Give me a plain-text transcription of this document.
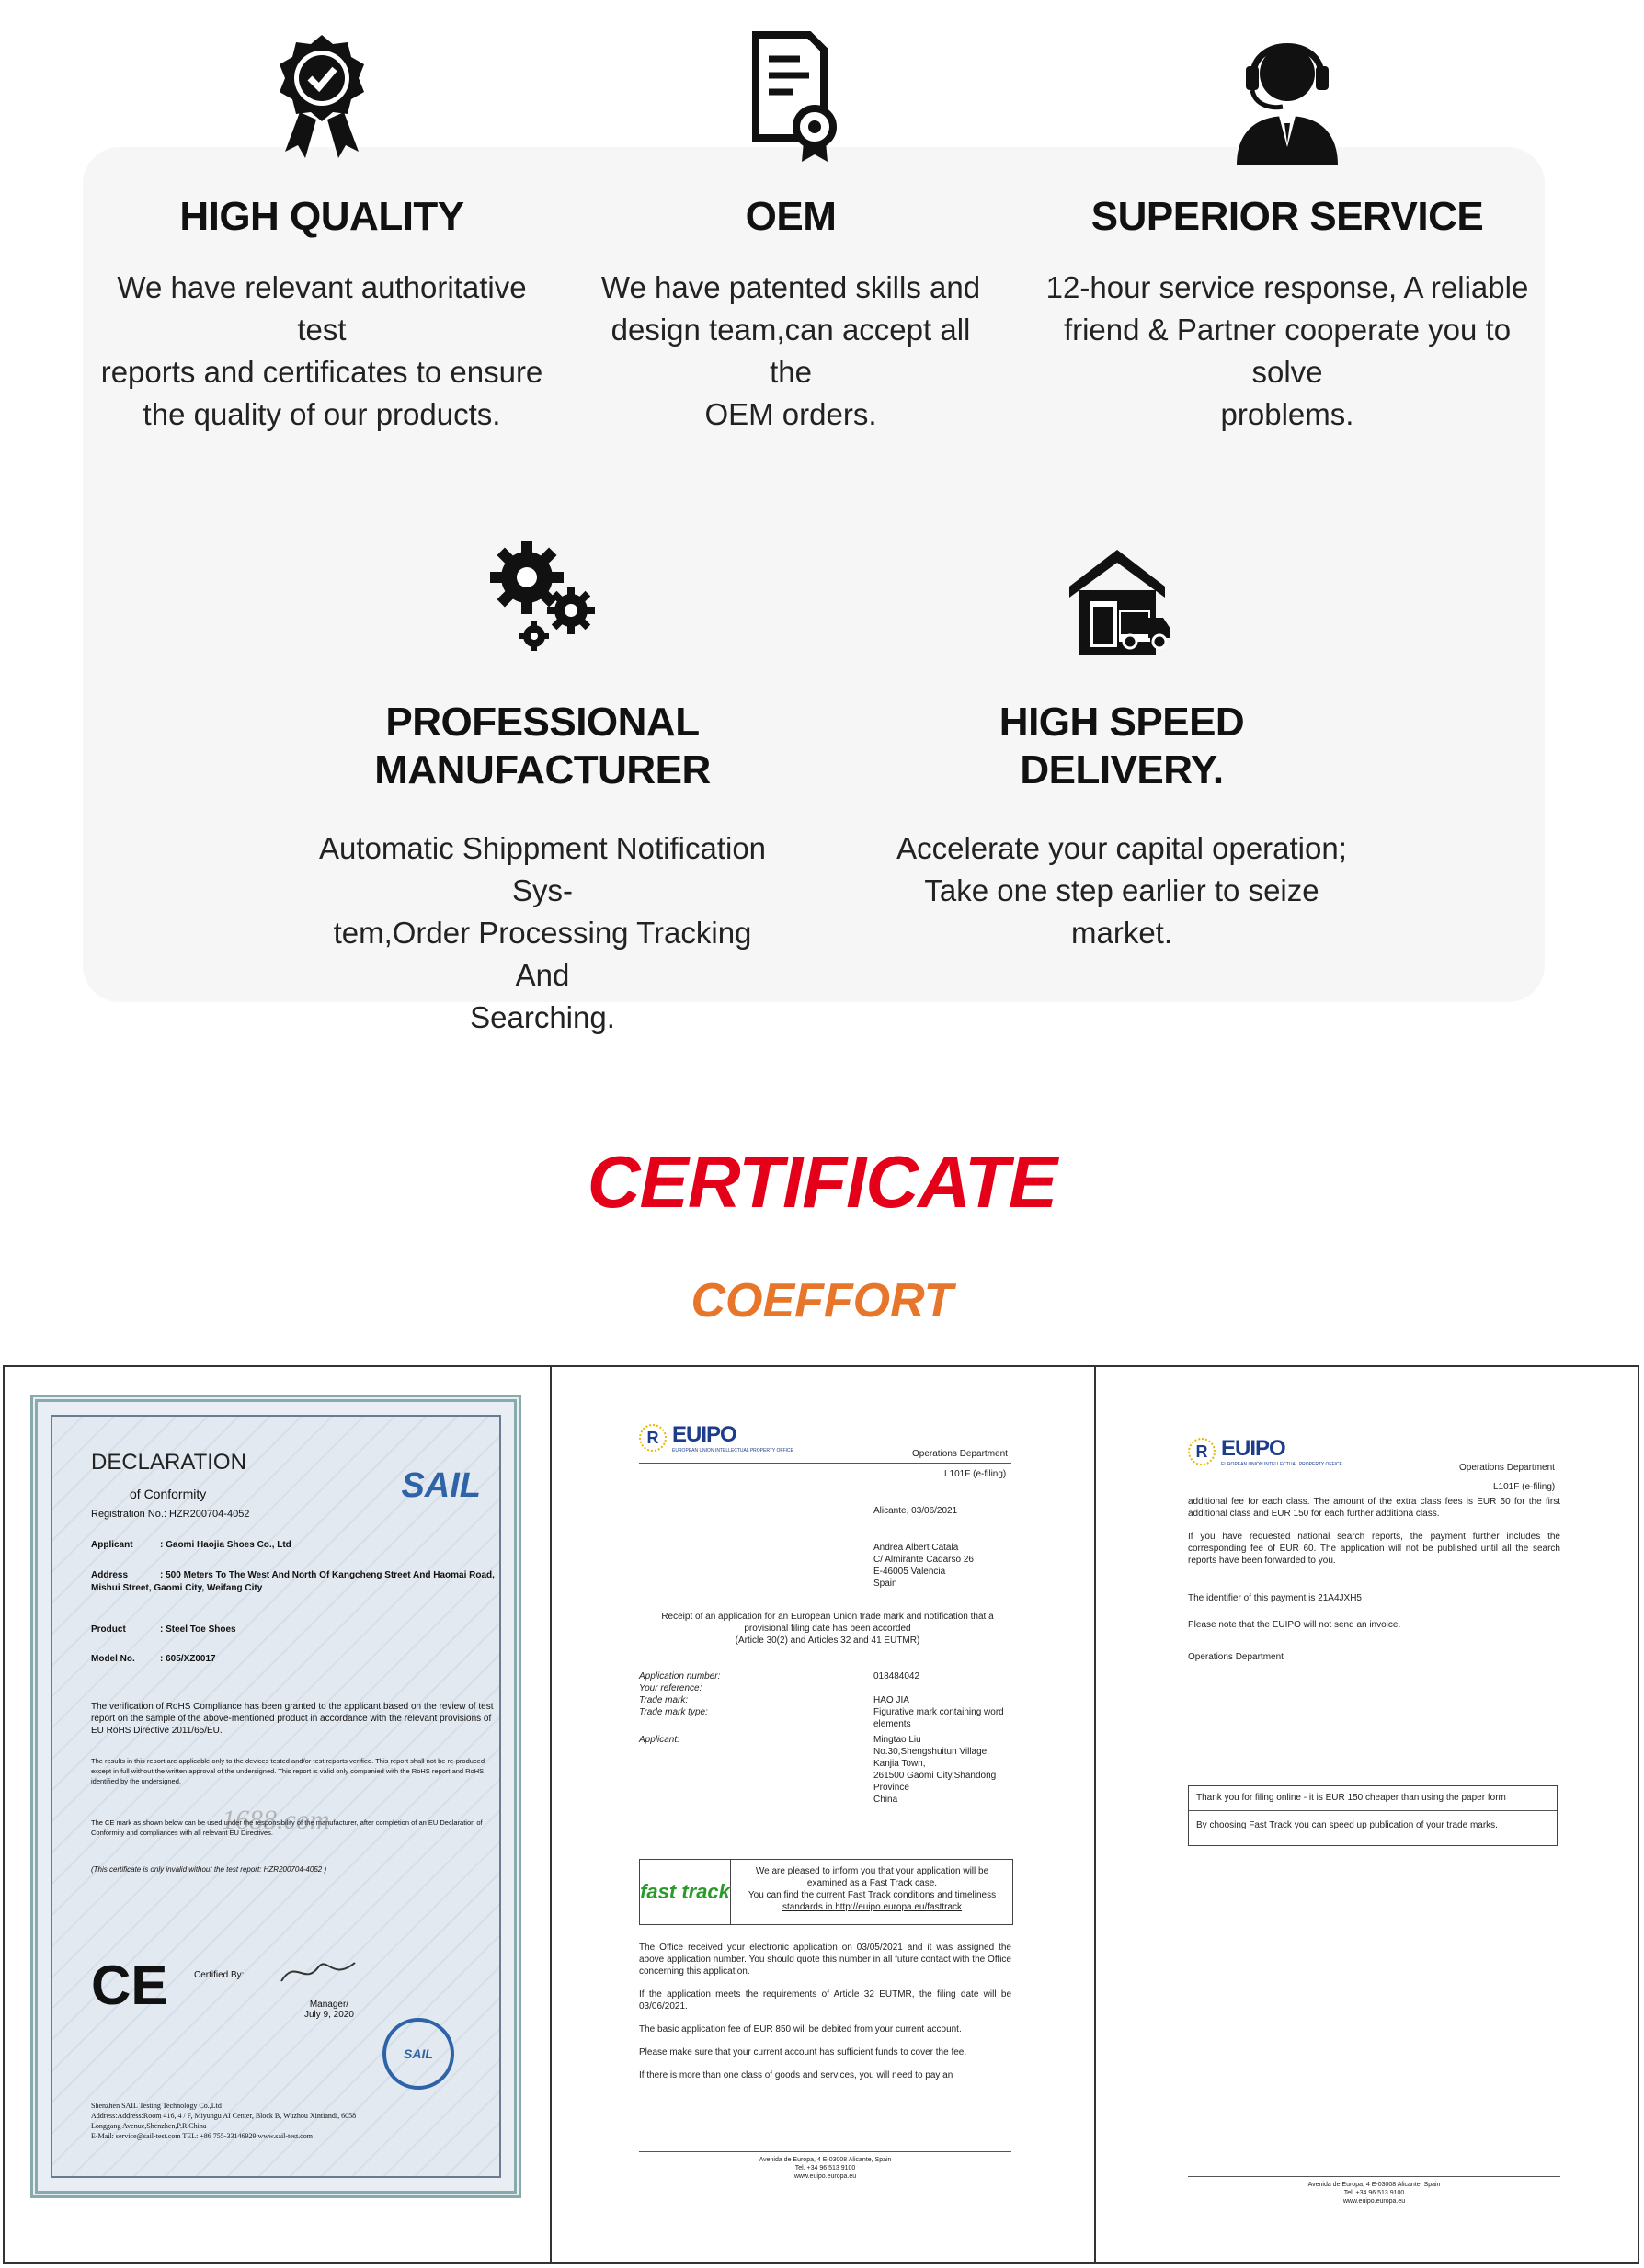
HIGH QUALITY

We have relevant authoritative test

reports and certificates to ensure

the quality of our products.

OEM

We have patented skills and

design team,can accept all the

OEM orders.

SUPERIOR SERVICE

12-hour service response, A reliable

friend & Partner cooperate you to solve

problems.

PROFESSIONAL
MANUFACTURER

Automatic Shippment Notification Sys-

tem,Order Processing Tracking And

Searching.

HIGH SPEED
DELIVERY.

Accelerate your capital operation;

Take one step earlier to seize

market.

CERTIFICATE
COEFFORT
DECLARATION
of Conformity
Registration No.: HZR200704-4052
SAIL
Applicant	: Gaomi Haojia Shoes Co., Ltd
Address	: 500 Meters To The West And North Of Kangcheng Street And Haomai Road, Mishui Street, Gaomi City, Weifang City
Product	: Steel Toe Shoes
Model No.	: 605/XZ0017
The verification of RoHS Compliance has been granted to the applicant based on the review of test report on the sample of the above-mentioned product in accordance with the relevant provisions of EU RoHS Directive 2011/65/EU.
The results in this report are applicable only to the devices tested and/or test reports verified. This report shall not be re-produced except in full without the written approval of the undersigned. This report is valid only companied with the RoHS report and RoHS identified by the undersigned.
The CE mark as shown below can be used under the responsibility of the manufacturer, after completion of an EU Declaration of Conformity and compliances with all relevant EU Directives.
(This certificate is only invalid without the test report: HZR200704-4052 )
1688.com
CE	Certified By:
Manager/
July 9, 2020
SAIL
Shenzhen SAIL Testing Technology Co.,Ltd
Address:Address:Room 416, 4 / F, Miyungu AI Center, Block B, Wuzhou Xintiandi, 6058
Longgang Avenue,Shenzhen,P.R.China
E-Mail: service@sail-test.com TEL: +86 755-33146929 www.sail-test.com
R EUIPO
EUROPEAN UNION INTELLECTUAL PROPERTY OFFICE	Operations Department
L101F (e-filing)
Alicante, 03/06/2021
Andrea Albert Catala
C/ Almirante Cadarso 26
E-46005 Valencia
Spain
Receipt of an application for an European Union trade mark and notification that a
provisional filing date has been accorded
(Article 30(2) and Articles 32 and 41 EUTMR)
Application number:	018484042
Your reference:
Trade mark:	HAO JIA
Trade mark type:	Figurative mark containing word elements
Applicant:	Mingtao Liu
No.30,Shengshuitun Village,
Kanjia Town,
261500 Gaomi City,Shandong
Province
China
fast track
We are pleased to inform you that your application will be
examined as a Fast Track case.
You can find the current Fast Track conditions and timeliness
standards in http://euipo.europa.eu/fasttrack

The Office received your electronic application on 03/05/2021 and it was assigned the above application number. You should quote this number in all future contact with the Office concerning this application.

If the application meets the requirements of Article 32 EUTMR, the filing date will be 03/06/2021.

The basic application fee of EUR 850 will be debited from your current account.

Please make sure that your current account has sufficient funds to cover the fee.

If there is more than one class of goods and services, you will need to pay an

Avenida de Europa, 4 E-03008 Alicante, Spain
Tel. +34 96 513 9100
www.euipo.europa.eu
R EUIPO
EUROPEAN UNION INTELLECTUAL PROPERTY OFFICE	Operations Department
L101F (e-filing)

additional fee for each class. The amount of the extra class fees is EUR 50 for the first additional class and EUR 150 for each further additiona class.

If you have requested national search reports, the payment further includes the corresponding fee of EUR 60. The application will not be published until all the search reports have been forwarded to you.

The identifier of this payment is 21A4JXH5

Please note that the EUIPO will not send an invoice.

Operations Department

Thank you for filing online - it is EUR 150 cheaper than using the paper form
By choosing Fast Track you can speed up publication of your trade marks.
Avenida de Europa, 4 E-03008 Alicante, Spain
Tel. +34 96 513 9100
www.euipo.europa.eu
